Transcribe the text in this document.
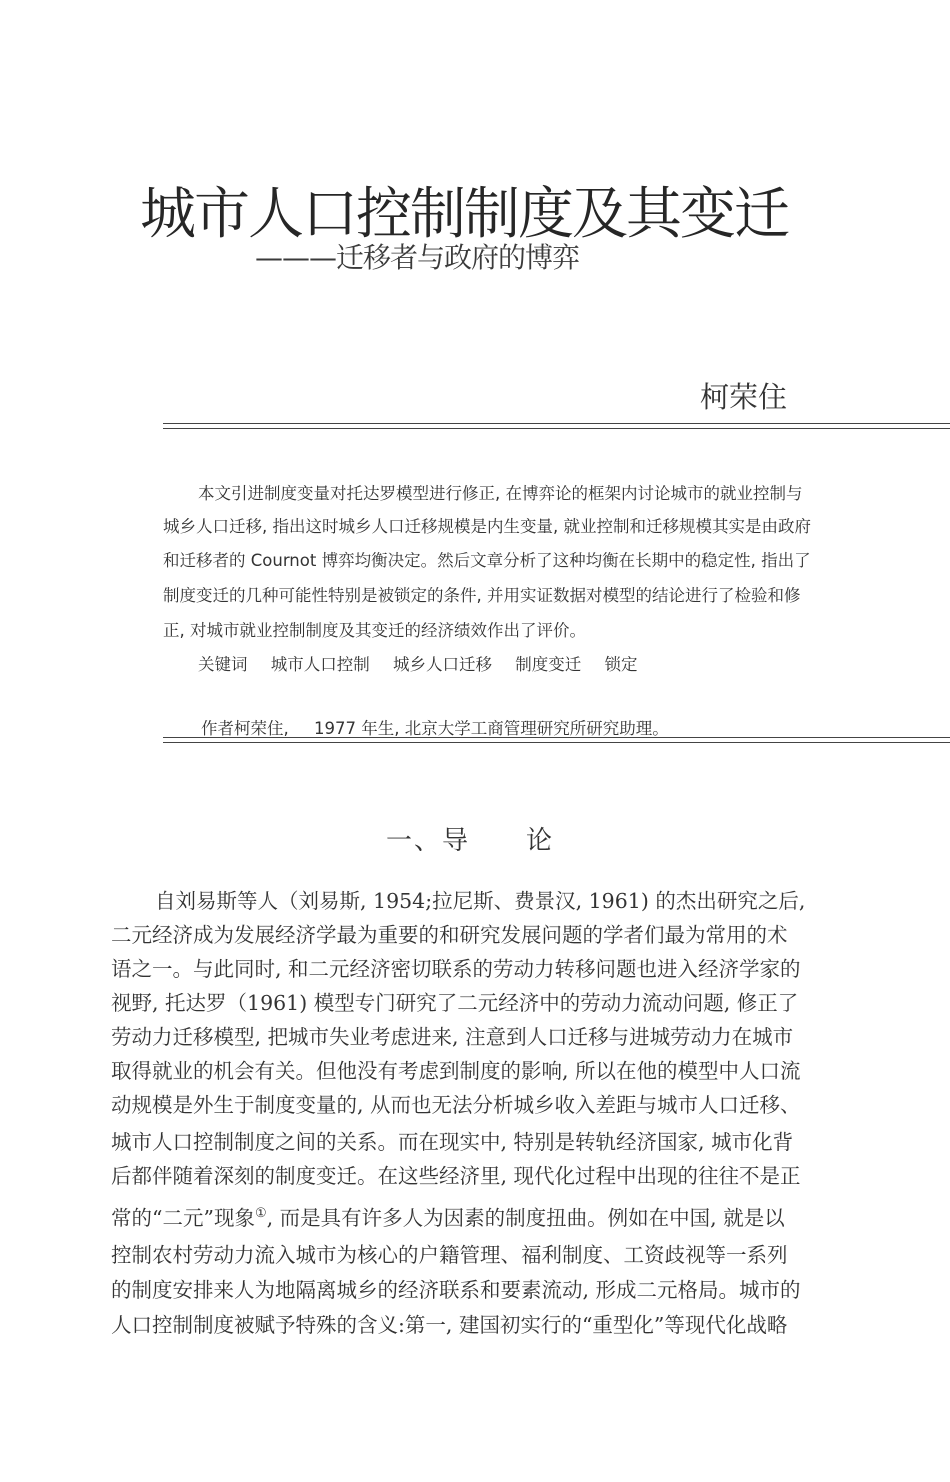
城市人口控制制度及其变迁
———迁移者与政府的博弈
柯荣住
本文引进制度变量对托达罗模型进行修正, 在博弈论的框架内讨论城市的就业控制与
城乡人口迁移, 指出这时城乡人口迁移规模是内生变量, 就业控制和迁移规模其实是由政府
和迁移者的 Cournot 博弈均衡决定。然后文章分析了这种均衡在长期中的稳定性, 指出了
制度变迁的几种可能性特别是被锁定的条件, 并用实证数据对模型的结论进行了检验和修
正, 对城市就业控制制度及其变迁的经济绩效作出了评价。
关键词 城市人口控制 城乡人口迁移 制度变迁 锁定
作者柯荣住, 1977 年生, 北京大学工商管理研究所研究助理。
一、导　　论
自刘易斯等人（刘易斯, 1954;拉尼斯、费景汉, 1961) 的杰出研究之后,
二元经济成为发展经济学最为重要的和研究发展问题的学者们最为常用的术
语之一。与此同时, 和二元经济密切联系的劳动力转移问题也进入经济学家的
视野, 托达罗（1961) 模型专门研究了二元经济中的劳动力流动问题, 修正了
劳动力迁移模型, 把城市失业考虑进来, 注意到人口迁移与进城劳动力在城市
取得就业的机会有关。但他没有考虑到制度的影响, 所以在他的模型中人口流
动规模是外生于制度变量的, 从而也无法分析城乡收入差距与城市人口迁移、
城市人口控制制度之间的关系。而在现实中, 特别是转轨经济国家, 城市化背
后都伴随着深刻的制度变迁。在这些经济里, 现代化过程中出现的往往不是正
常的“二元”现象①, 而是具有许多人为因素的制度扭曲。例如在中国, 就是以
控制农村劳动力流入城市为核心的户籍管理、福利制度、工资歧视等一系列
的制度安排来人为地隔离城乡的经济联系和要素流动, 形成二元格局。城市的
人口控制制度被赋予特殊的含义:第一, 建国初实行的“重型化”等现代化战略
